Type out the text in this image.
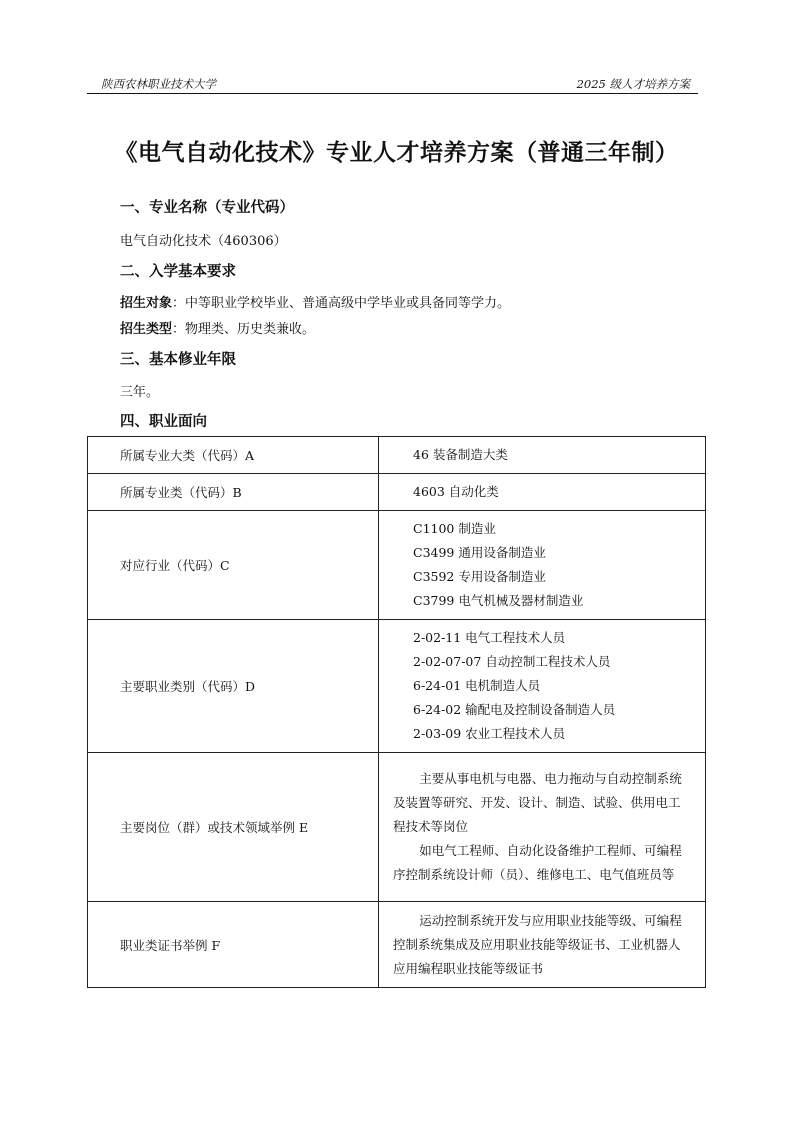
陕西农林职业技术大学	2025 级人才培养方案
《电气自动化技术》专业人才培养方案（普通三年制）
一、专业名称（专业代码）
电气自动化技术（460306）
二、入学基本要求
招生对象：中等职业学校毕业、普通高级中学毕业或具备同等学力。
招生类型：物理类、历史类兼收。
三、基本修业年限
三年。
四、职业面向
所属专业大类（代码）A	46 装备制造大类
所属专业类（代码）B	4603 自动化类
对应行业（代码）C	C1100 制造业
C3499 通用设备制造业
C3592 专用设备制造业
C3799 电气机械及器材制造业

主要职业类别（代码）D	2-02-11 电气工程技术人员
2-02-07-07 自动控制工程技术人员
6-24-01 电机制造人员
6-24-02 输配电及控制设备制造人员
2-03-09 农业工程技术人员

主要岗位（群）或技术领域举例 E	主要从事电机与电器、电力拖动与自动控制系统及装置等研究、开发、设计、制造、试验、供用电工程技术等岗位

如电气工程师、自动化设备维护工程师、可编程序控制系统设计师（员）、维修电工、电气值班员等

职业类证书举例 F	运动控制系统开发与应用职业技能等级、可编程控制系统集成及应用职业技能等级证书、工业机器人应用编程职业技能等级证书
